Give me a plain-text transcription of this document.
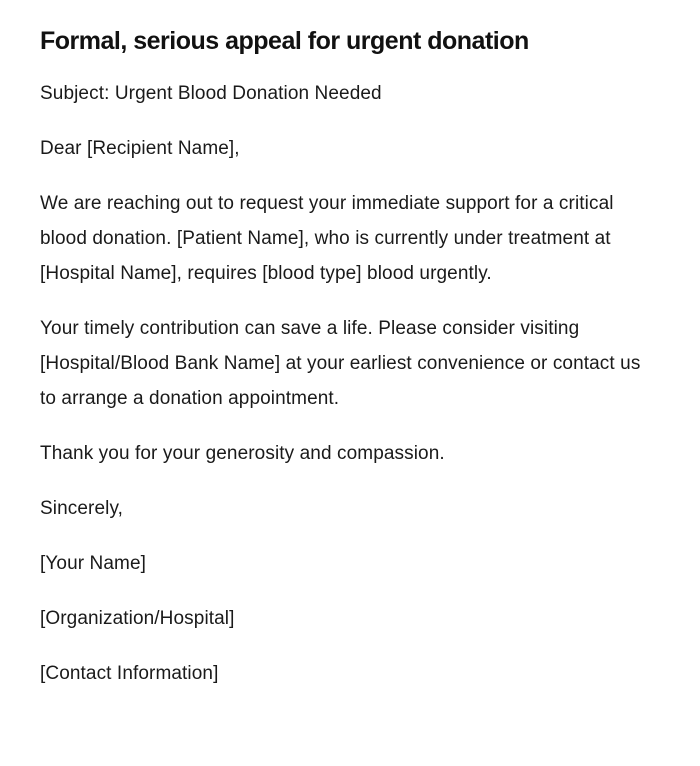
Formal, serious appeal for urgent donation

Subject: Urgent Blood Donation Needed

Dear [Recipient Name],

We are reaching out to request your immediate support for a critical blood donation. [Patient Name], who is currently under treatment at [Hospital Name], requires [blood type] blood urgently.

Your timely contribution can save a life. Please consider visiting [Hospital/Blood Bank Name] at your earliest convenience or contact us to arrange a donation appointment.

Thank you for your generosity and compassion.

Sincerely,

[Your Name]

[Organization/Hospital]

[Contact Information]
